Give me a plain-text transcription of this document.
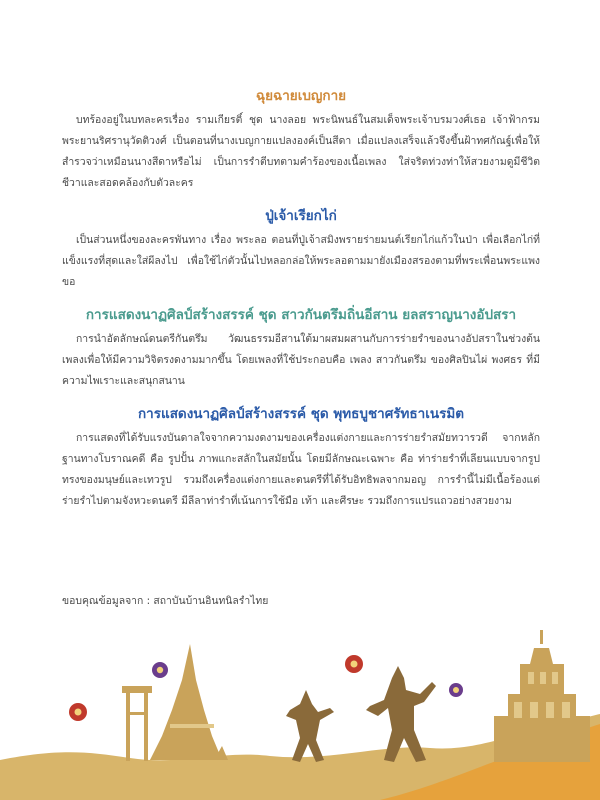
ฉุยฉายเบญกาย

บทร้องอยู่ในบทละครเรื่อง รามเกียรติ์ ชุด นางลอย พระนิพนธ์ในสมเด็จพระเจ้าบรมวงศ์เธอ เจ้าฟ้ากรมพระยานริศรานุวัดติวงศ์ เป็นตอนที่นางเบญกายแปลงองค์เป็นสีดา เมื่อแปลงเสร็จแล้วจึงขึ้นฝ้าทศกัณฐ์เพื่อให้สำรวจว่าเหมือนนางสีดาหรือไม่ เป็นการรำตีบทตามคำร้องของเนื้อเพลง ใส่จริตท่วงท่าให้สวยงามดูมีชีวิตชีวาและสอดคล้องกับตัวละคร

ปู่เจ้าเรียกไก่

เป็นส่วนหนึ่งของละครพันทาง เรื่อง พระลอ ตอนที่ปู่เจ้าสมิงพรายร่ายมนต์เรียกไก่แก้วในป่า เพื่อเลือกไก่ที่แข็งแรงที่สุดและใส่ผีลงไป เพื่อใช้ไก่ตัวนั้นไปหลอกล่อให้พระลอตามมายังเมืองสรองตามที่พระเพื่อนพระแพงขอ

การแสดงนาฏศิลป์สร้างสรรค์ ชุด สาวกันตรึมถิ่นอีสาน ยลสราญนางอัปสรา

การนำอัตลักษณ์ดนตรีกันตรึม วัฒนธรรมอีสานใต้มาผสมผสานกับการร่ายรำของนางอัปสราในช่วงต้นเพลงเพื่อให้มีความวิจิตรงดงามมากขึ้น โดยเพลงที่ใช้ประกอบคือ เพลง สาวกันตรึม ของศิลปินไผ่ พงศธร ที่มีความไพเราะและสนุกสนาน

การแสดงนาฏศิลป์สร้างสรรค์ ชุด พุทธบูชาศรัทธาเนรมิต

การแสดงที่ได้รับแรงบันดาลใจจากความงดงามของเครื่องแต่งกายและการร่ายรำสมัยทวารวดี จากหลักฐานทางโบราณคดี คือ รูปปั้น ภาพแกะสลักในสมัยนั้น โดยมีลักษณะเฉพาะ คือ ท่าร่ายรำที่เลียนแบบจากรูปทรงของมนุษย์และเทวรูป รวมถึงเครื่องแต่งกายและดนตรีที่ได้รับอิทธิพลจากมอญ การรำนี้ไม่มีเนื้อร้องแต่ร่ายรำไปตามจังหวะดนตรี มีลีลาท่ารำที่เน้นการใช้มือ เท้า และศีรษะ รวมถึงการแปรแถวอย่างสวยงาม

ขอบคุณข้อมูลจาก : สถาบันบ้านอินทนิลรำไทย
